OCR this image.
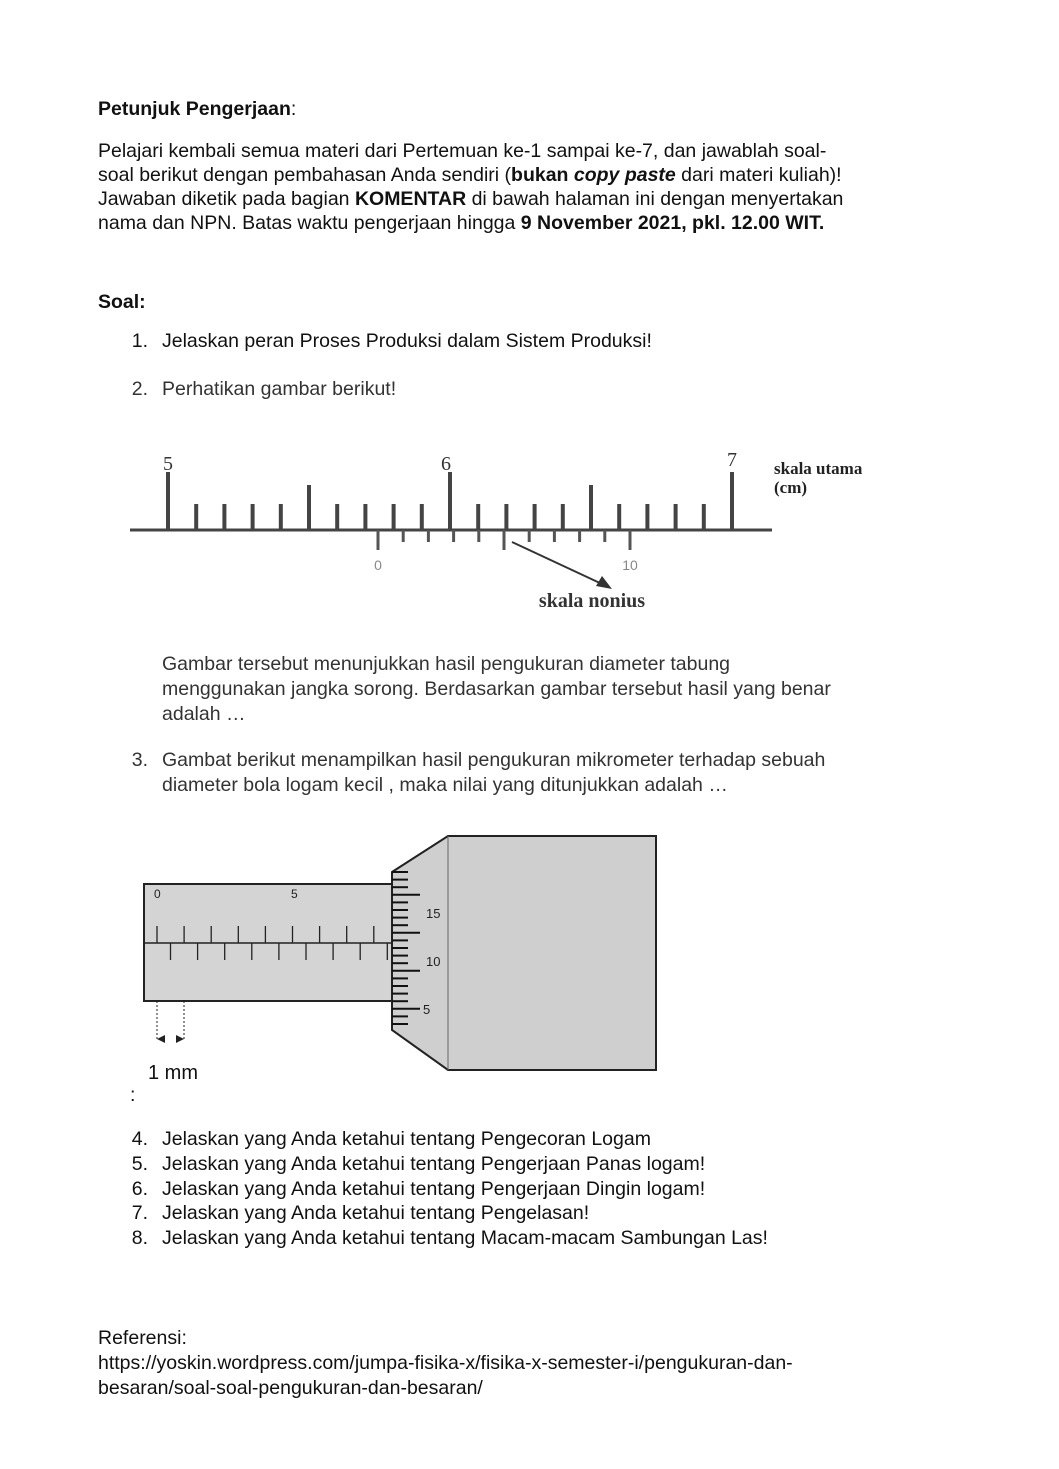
Petunjuk Pengerjaan:
Pelajari kembali semua materi dari Pertemuan ke-1 sampai ke-7, dan jawablah soal-
soal berikut dengan pembahasan Anda sendiri (bukan copy paste dari materi kuliah)!
Jawaban diketik pada bagian KOMENTAR di bawah halaman ini dengan menyertakan
nama dan NPN. Batas waktu pengerjaan hingga 9 November 2021, pkl. 12.00 WIT.
Soal:
1. Jelaskan peran Proses Produksi dalam Sistem Produksi!
2. Perhatikan gambar berikut!
5	6	7 skala utama
(cm)
0	10
skala nonius
Gambar tersebut menunjukkan hasil pengukuran diameter tabung
menggunakan jangka sorong. Berdasarkan gambar tersebut hasil yang benar
adalah …
3. Gambat berikut menampilkan hasil pengukuran mikrometer terhadap sebuah
diameter bola logam kecil , maka nilai yang ditunjukkan adalah …
0	5
15
10
5
1 mm
:
4. Jelaskan yang Anda ketahui tentang Pengecoran Logam
5. Jelaskan yang Anda ketahui tentang Pengerjaan Panas logam!
6. Jelaskan yang Anda ketahui tentang Pengerjaan Dingin logam!
7. Jelaskan yang Anda ketahui tentang Pengelasan!
8. Jelaskan yang Anda ketahui tentang Macam-macam Sambungan Las!
Referensi:
https://yoskin.wordpress.com/jumpa-fisika-x/fisika-x-semester-i/pengukuran-dan-
besaran/soal-soal-pengukuran-dan-besaran/
